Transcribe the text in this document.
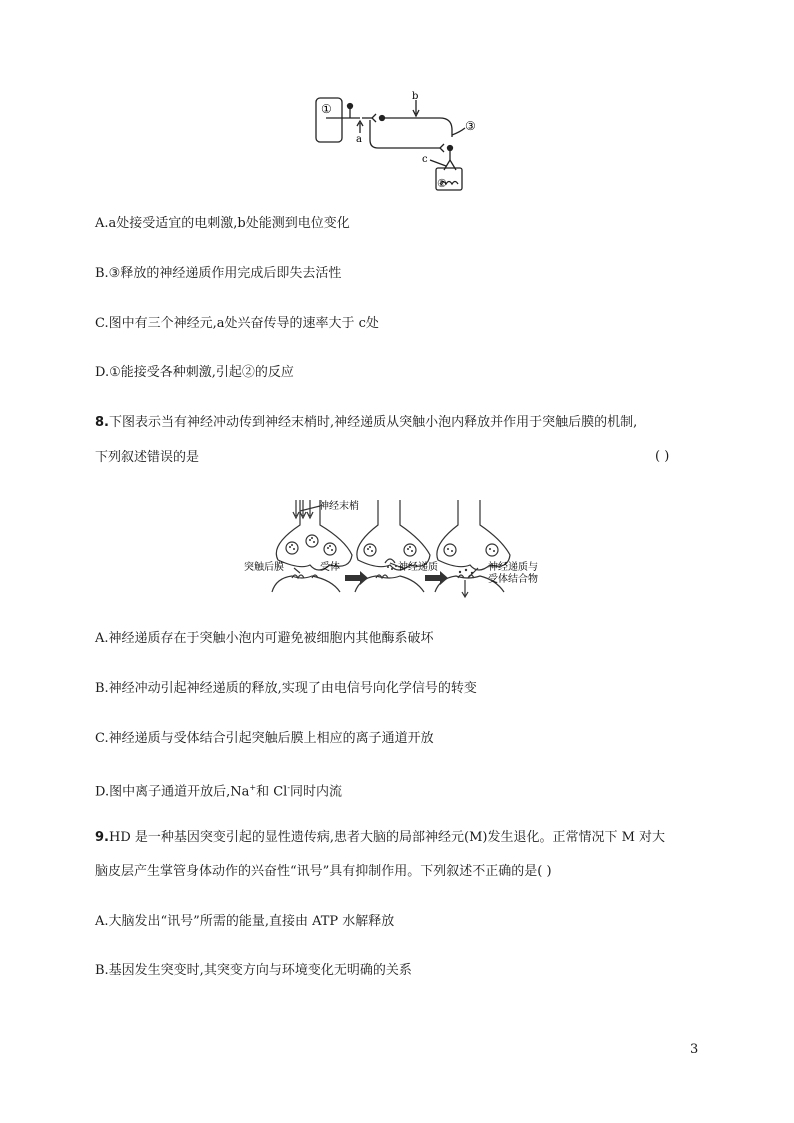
①
a
b
③
c
②
A.a处接受适宜的电刺激,b处能测到电位变化
B.③释放的神经递质作用完成后即失去活性
C.图中有三个神经元,a处兴奋传导的速率大于 c处
D.①能接受各种刺激,引起②的反应
8.下图表示当有神经冲动传到神经末梢时,神经递质从突触小泡内释放并作用于突触后膜的机制,
下列叙述错误的是	( )
神经末梢
突触后膜	受体	神经递质	神经递质与
受体结合物
A.神经递质存在于突触小泡内可避免被细胞内其他酶系破坏
B.神经冲动引起神经递质的释放,实现了由电信号向化学信号的转变
C.神经递质与受体结合引起突触后膜上相应的离子通道开放
D.图中离子通道开放后,Na+和 Cl-同时内流
9.HD 是一种基因突变引起的显性遗传病,患者大脑的局部神经元(M)发生退化。正常情况下 M 对大
脑皮层产生掌管身体动作的兴奋性“讯号”具有抑制作用。下列叙述不正确的是( )
A.大脑发出“讯号”所需的能量,直接由 ATP 水解释放
B.基因发生突变时,其突变方向与环境变化无明确的关系
3
